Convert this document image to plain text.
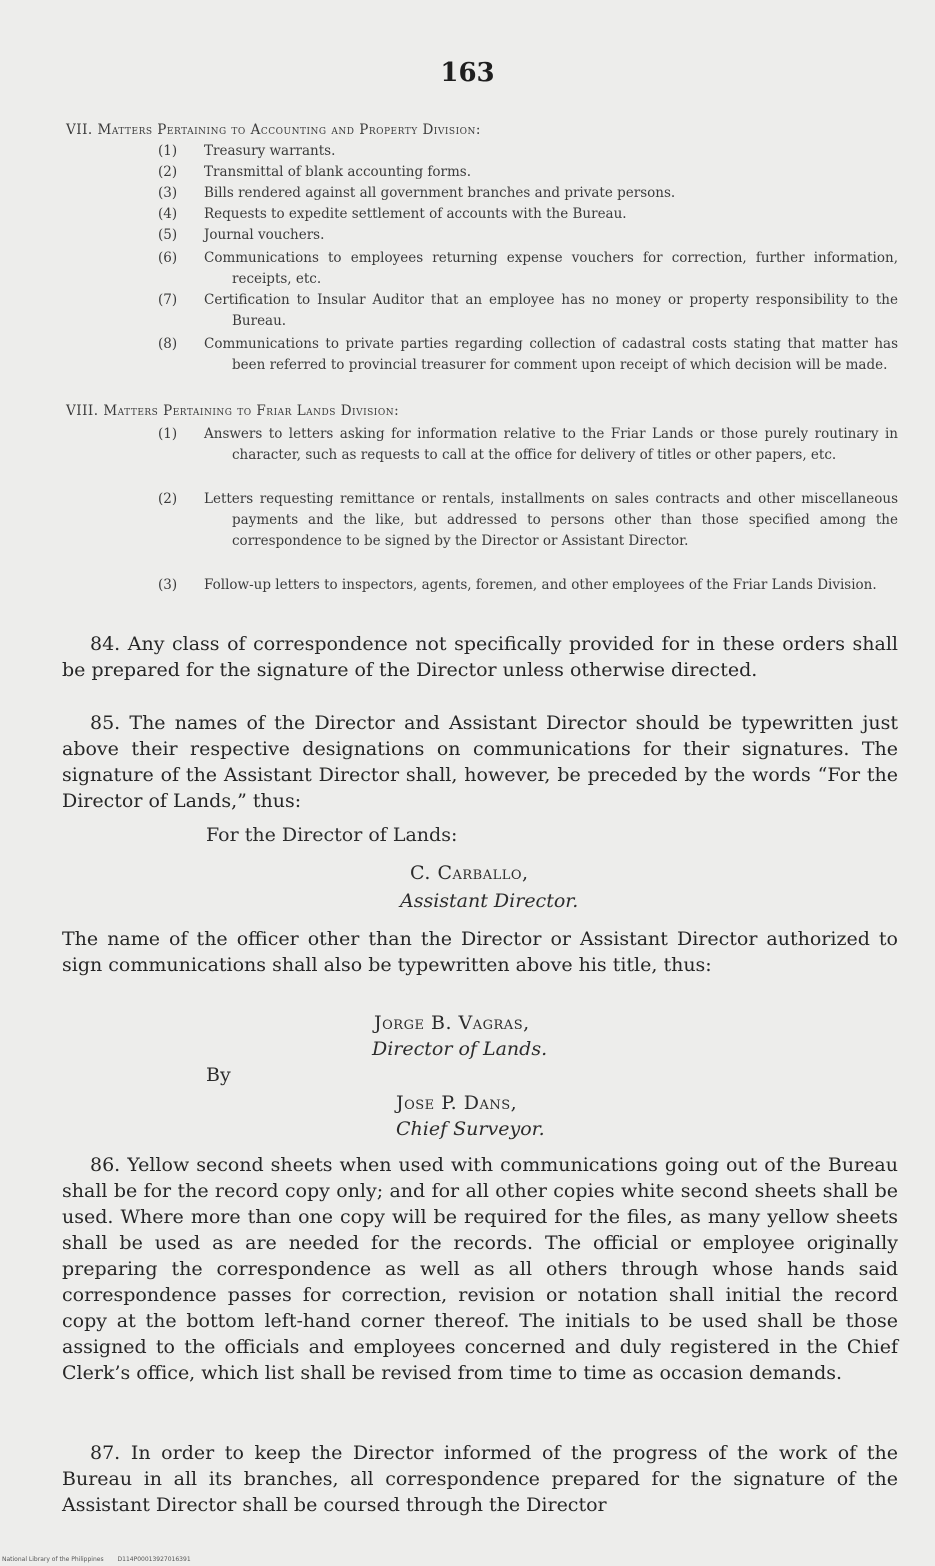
163
VII. Matters Pertaining to Accounting and Property Division:
(1) Treasury warrants.
(2) Transmittal of blank accounting forms.
(3) Bills rendered against all government branches and private persons.
(4) Requests to expedite settlement of accounts with the Bureau.
(5) Journal vouchers.
(6) Communications to employees returning expense vouchers for correction, further information, receipts, etc.
(7) Certification to Insular Auditor that an employee has no money or property responsibility to the Bureau.
(8) Communications to private parties regarding collection of cadastral costs stating that matter has been referred to provincial treasurer for comment upon receipt of which decision will be made.
VIII. Matters Pertaining to Friar Lands Division:
(1) Answers to letters asking for information relative to the Friar Lands or those purely routinary in character, such as requests to call at the office for delivery of titles or other papers, etc.
(2) Letters requesting remittance or rentals, installments on sales contracts and other miscellaneous payments and the like, but addressed to persons other than those specified among the correspondence to be signed by the Director or Assistant Director.
(3) Follow-up letters to inspectors, agents, foremen, and other employees of the Friar Lands Division.
84. Any class of correspondence not specifically provided for in these orders shall be prepared for the signature of the Director unless otherwise directed.
85. The names of the Director and Assistant Director should be typewritten just above their respective designations on communications for their signatures. The signature of the Assistant Director shall, however, be preceded by the words “For the Director of Lands,” thus:
For the Director of Lands:
C. Carballo,
Assistant Director.
The name of the officer other than the Director or Assistant Director authorized to sign communications shall also be typewritten above his title, thus:
Jorge B. Vagras,
Director of Lands.
By
Jose P. Dans,
Chief Surveyor.
86. Yellow second sheets when used with communications going out of the Bureau shall be for the record copy only; and for all other copies white second sheets shall be used. Where more than one copy will be required for the files, as many yellow sheets shall be used as are needed for the records. The official or employee originally preparing the correspondence as well as all others through whose hands said correspondence passes for correction, revision or notation shall initial the record copy at the bottom left-hand corner thereof. The initials to be used shall be those assigned to the officials and employees concerned and duly registered in the Chief Clerk’s office, which list shall be revised from time to time as occasion demands.
87. In order to keep the Director informed of the progress of the work of the Bureau in all its branches, all correspondence prepared for the signature of the Assistant Director shall be coursed through the Director
National Library of the Philippines D114P00013927016391
